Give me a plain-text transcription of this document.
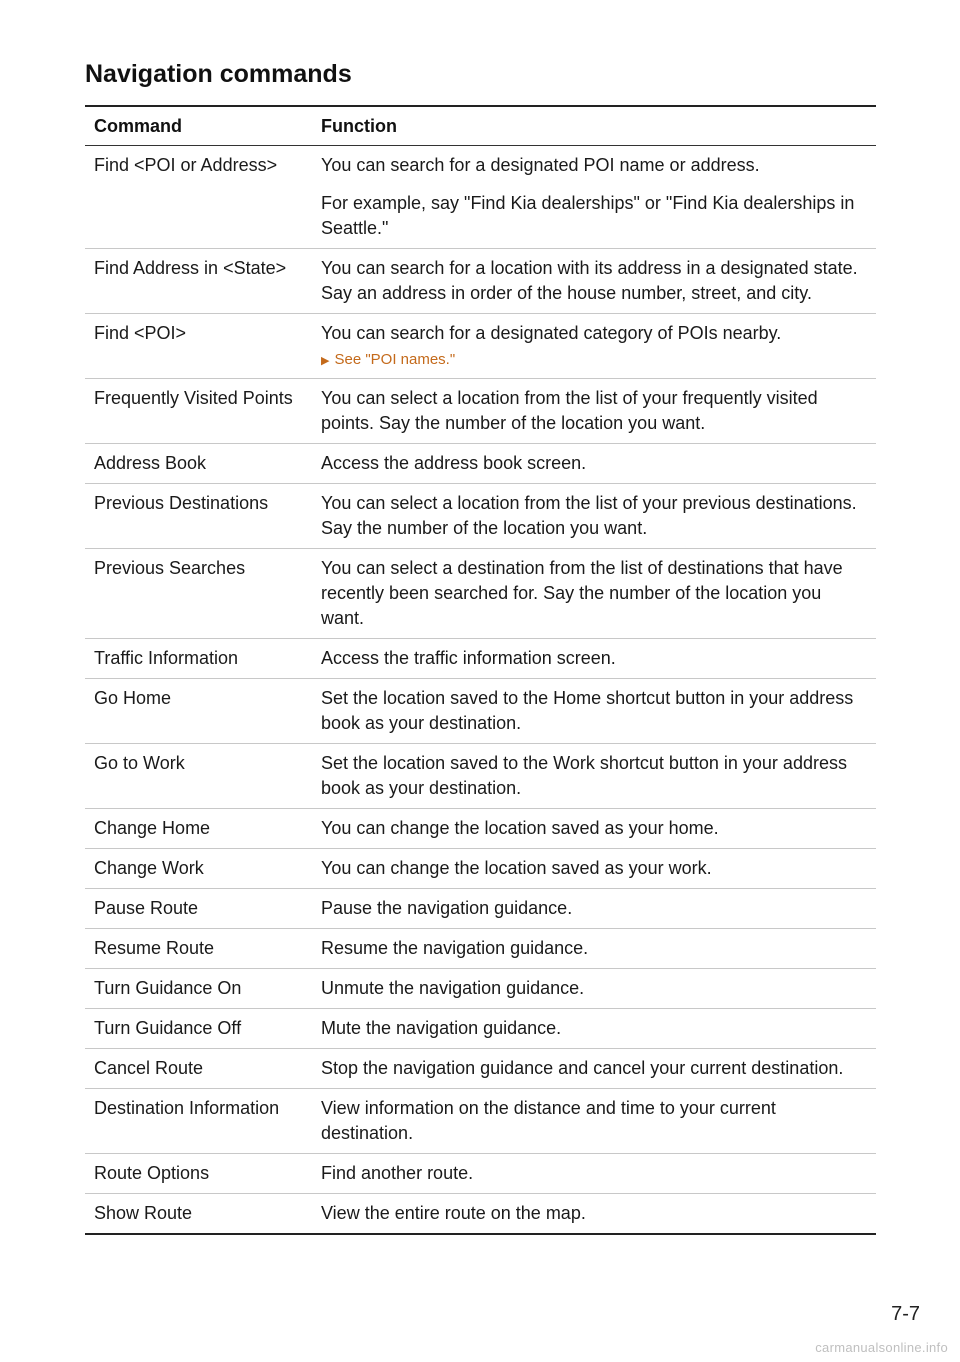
Navigation commands
Command	Function
Find <POI or Address>	You can search for a designated POI name or address.
For example, say "Find Kia dealerships" or "Find Kia dealerships in Seattle."

Find Address in <State>	You can search for a location with its address in a designated state. Say an address in order of the house number, street, and city.

Find <POI>	You can search for a designated category of POIs nearby.
▶ See "POI names."

Frequently Visited Points	You can select a location from the list of your frequently visited points. Say the number of the location you want.

Address Book	Access the address book screen.

Previous Destinations	You can select a location from the list of your previous destinations. Say the number of the location you want.

Previous Searches	You can select a destination from the list of destinations that have recently been searched for. Say the number of the location you want.

Traffic Information	Access the traffic information screen.

Go Home	Set the location saved to the Home shortcut button in your address book as your destination.

Go to Work	Set the location saved to the Work shortcut button in your address book as your destination.

Change Home	You can change the location saved as your home.

Change Work	You can change the location saved as your work.

Pause Route	Pause the navigation guidance.

Resume Route	Resume the navigation guidance.

Turn Guidance On	Unmute the navigation guidance.

Turn Guidance Off	Mute the navigation guidance.

Cancel Route	Stop the navigation guidance and cancel your current destination.

Destination Information	View information on the distance and time to your current destination.

Route Options	Find another route.

Show Route	View the entire route on the map.
7-7
carmanualsonline.info
